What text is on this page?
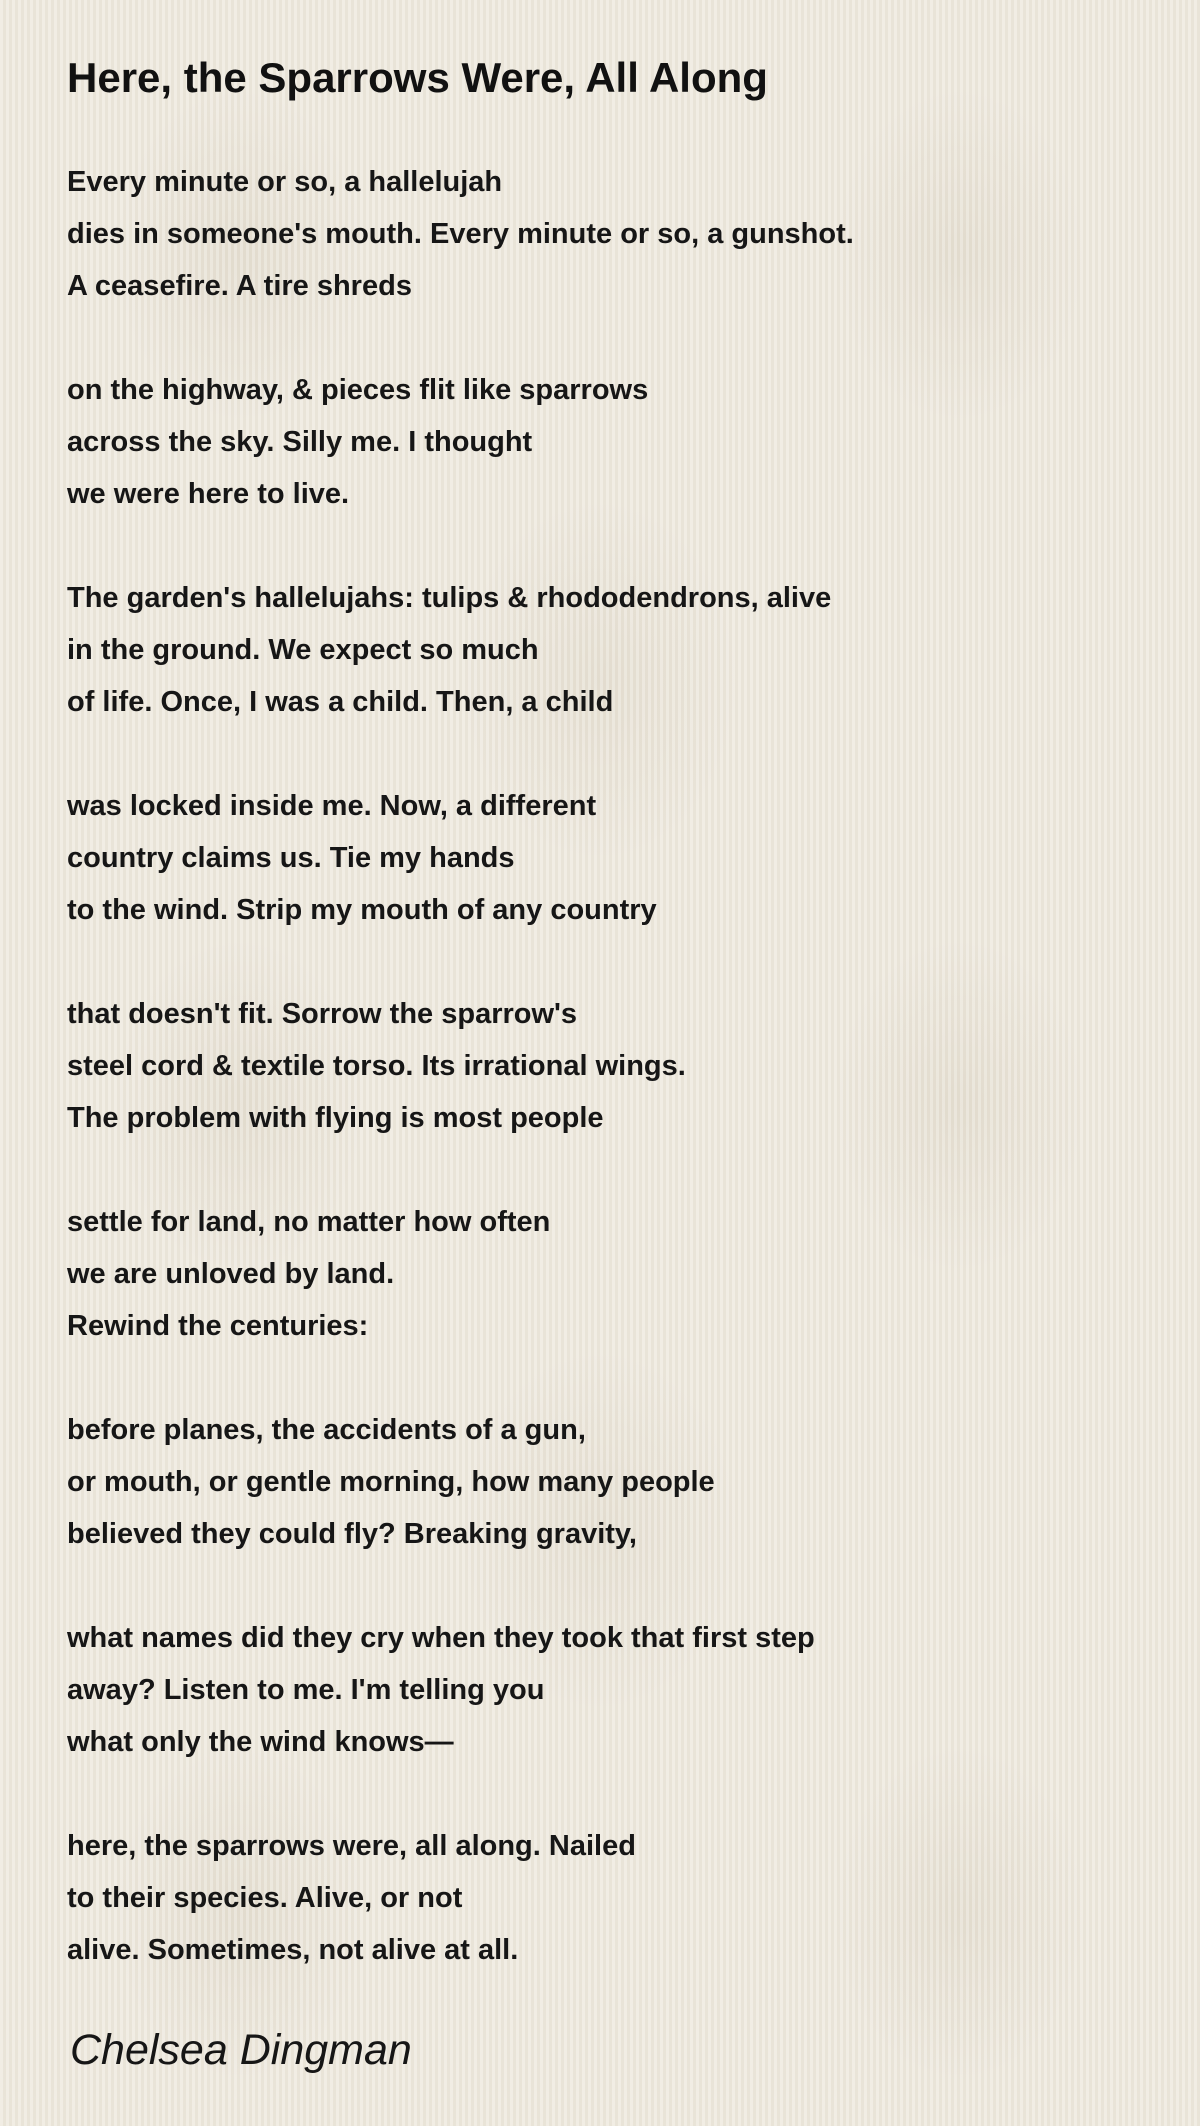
Here, the Sparrows Were, All Along
Every minute or so, a hallelujah
dies in someone's mouth. Every minute or so, a gunshot.
A ceasefire. A tire shreds
on the highway, & pieces flit like sparrows
across the sky. Silly me. I thought
we were here to live.
The garden's hallelujahs: tulips & rhododendrons, alive
in the ground. We expect so much
of life. Once, I was a child. Then, a child
was locked inside me. Now, a different
country claims us. Tie my hands
to the wind. Strip my mouth of any country
that doesn't fit. Sorrow the sparrow's
steel cord & textile torso. Its irrational wings.
The problem with flying is most people
settle for land, no matter how often
we are unloved by land.
Rewind the centuries:
before planes, the accidents of a gun,
or mouth, or gentle morning, how many people
believed they could fly? Breaking gravity,
what names did they cry when they took that first step
away? Listen to me. I'm telling you
what only the wind knows—
here, the sparrows were, all along. Nailed
to their species. Alive, or not
alive. Sometimes, not alive at all.
Chelsea Dingman
